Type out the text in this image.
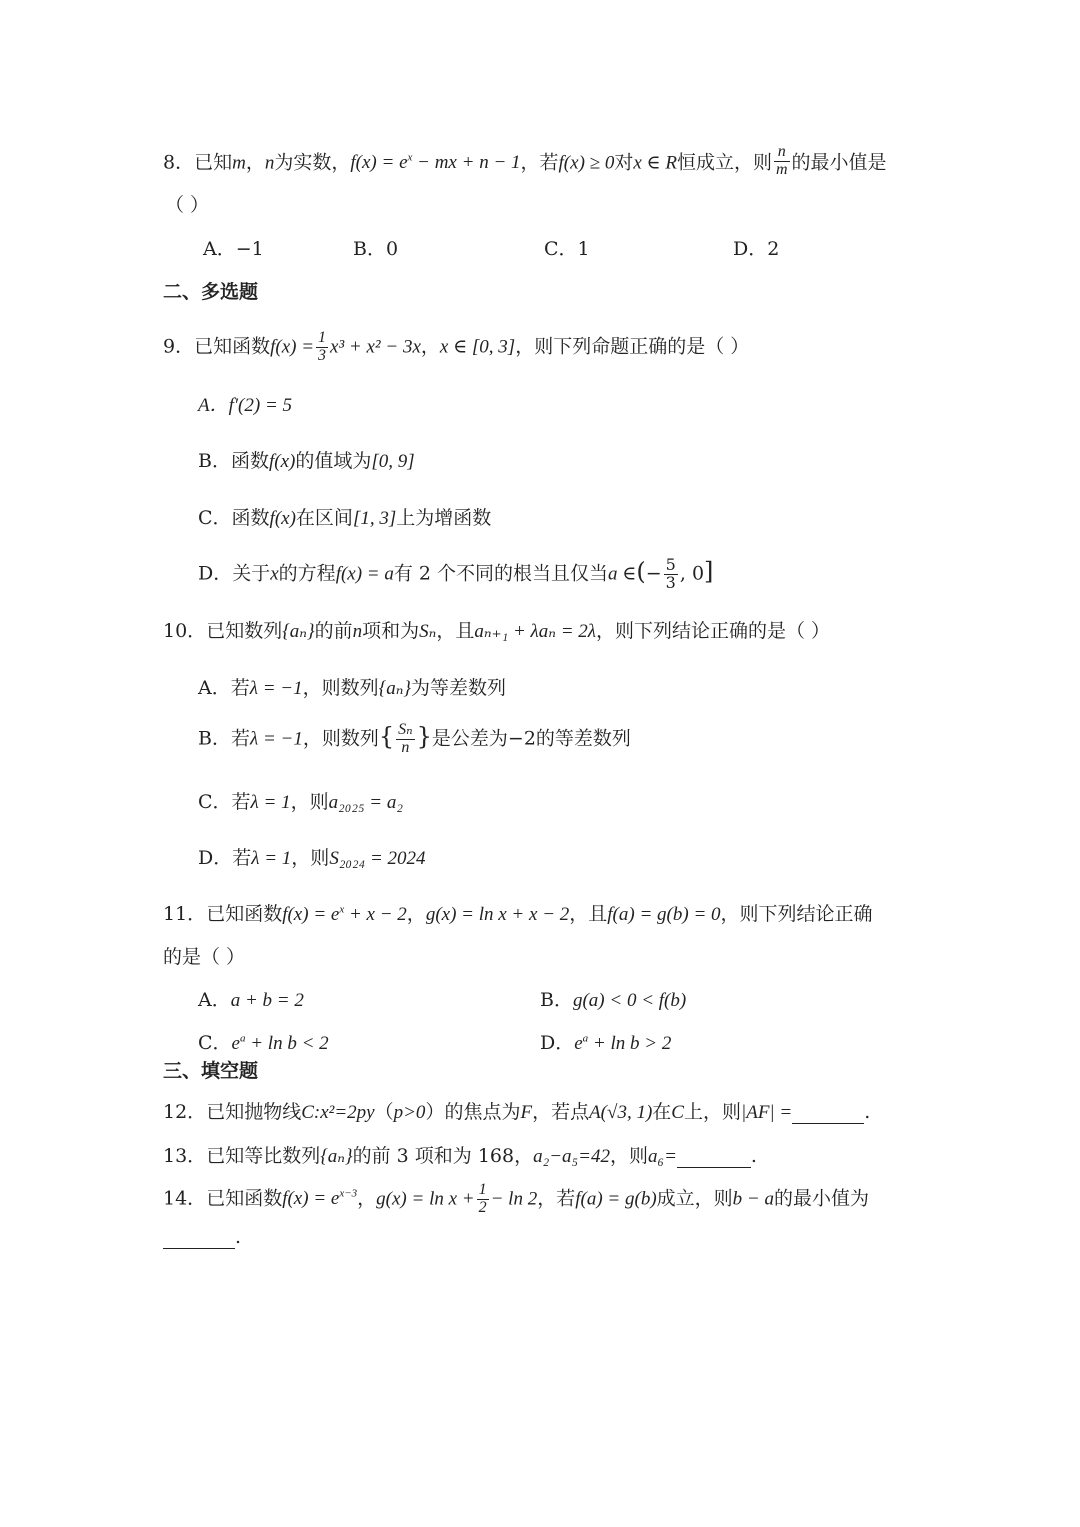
8．已知m，n为实数，$f(x) = e^x$ − mx + n − 1，若f(x) ≥ 0对x ∈ R恒成立，则 $\frac{n}{m}$ 的最小值是
（ ）
A．−1	B．0	C．1	D．2
二、多选题
9．已知函数$f(x) = \frac{1}{3} x^3 + x^2 - 3x$，x ∈ [0, 3]，则下列命题正确的是（ ）
A．f′(2) = 5
B．函数f(x)的值域为[0, 9]
C．函数f(x)在区间[1, 3]上为增函数
D．关于x的方程f(x) = a有 2 个不同的根当且仅当a ∈(− $\frac{5}{3}$ , 0]
10．已知数列{aₙ}的前n项和为Sₙ，且aₙ₊₁ + λaₙ = 2λ，则下列结论正确的是（ ）
A．若λ = −1，则数列{aₙ}为等差数列
B．若λ = −1，则数列{ $\frac{\text{Sₙ}}{n}$ }是公差为−2的等差数列
C．若λ = 1，则a₂₀₂₅ = a₂
D．若λ = 1，则S₂₀₂₄ = 2024
11．已知函数$f(x) = e^x + x - 2$，g(x) = ln x + x − 2，且f(a) = g(b) = 0，则下列结论正确
的是（ ）
A．a + b = 2	B．g(a) < 0 < f(b)
C．$e^a + \ln b < 2$	D．$e^a + \ln b > 2$
三、填空题
12．已知抛物线C:x²=2py（p>0）的焦点为F，若点A(√3, 1)在C上，则|AF| =	.
13．已知等比数列{aₙ}的前 3 项和为 168，a₂−a₅=42，则a₆=	.
14．已知函数$f(x) = e^{x-3}$，$g(x) = \ln x + \frac{1}{2} - \ln 2$，若f(a) = g(b)成立，则b − a的最小值为
.
